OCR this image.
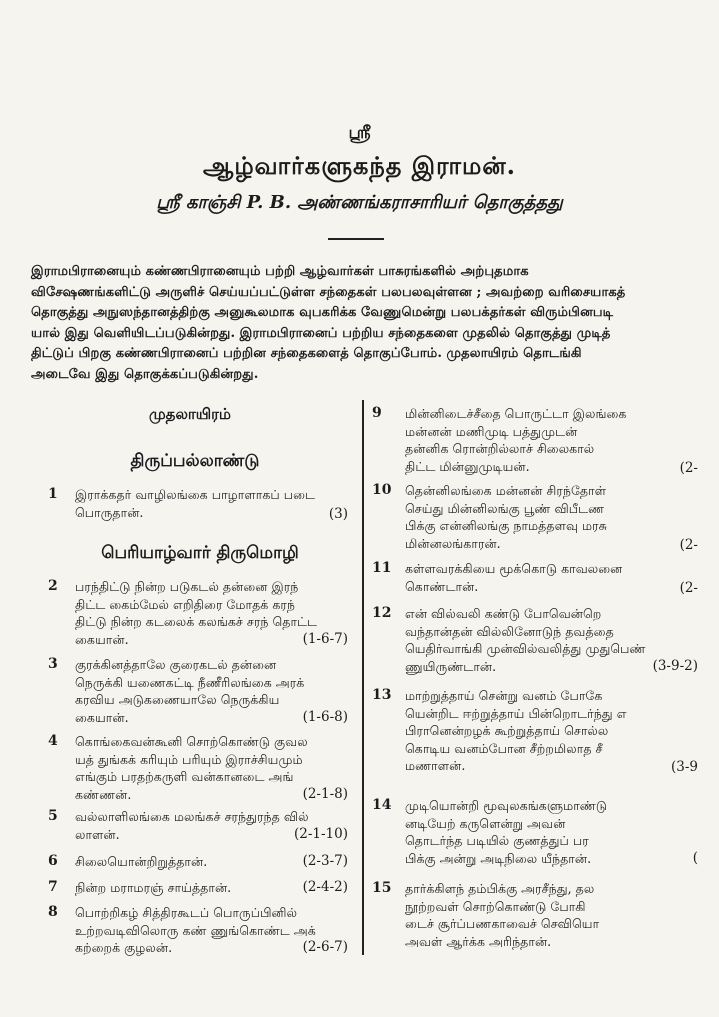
ஸ்ரீ
ஆழ்வார்களுகந்த இராமன்.
ஸ்ரீ காஞ்சி P. B. அண்ணங்கராசாரியர் தொகுத்தது

இராமபிரானையும் கண்ணபிரானையும் பற்றி ஆழ்வார்கள் பாசுரங்களில் அற்புதமாக

விசேஷணங்களிட்டு அருளிச் செய்யப்பட்டுள்ள சந்தைகள் பலபலவுள்ளன ; அவற்றை வரிசையாகத்

தொகுத்து அநுஸந்தானத்திற்கு அனுகூலமாக வுபகரிக்க வேணுமென்று பலபக்தர்கள் விரும்பினபடி

யால் இது வெளியிடப்படுகின்றது. இராமபிரானைப் பற்றிய சந்தைகளை முதலில் தொகுத்து முடித்

திட்டுப் பிறகு கண்ணபிரானைப் பற்றின சந்தைகளைத் தொகுப்போம். முதலாயிரம் தொடங்கி

அடைவே இது தொகுக்கப்படுகின்றது.

முதலாயிரம்
திருப்பல்லாண்டு
பெரியாழ்வார் திருமொழி
1 இராக்கதர் வாழிலங்கை பாழாளாகப் படை
பொருதான்.	(3)
2 பரந்திட்டு நின்ற படுகடல் தன்னை இரந்
திட்ட கைம்மேல் எறிதிரை மோதக் கரந்
திட்டு நின்ற கடலைக் கலங்கச் சரந் தொட்ட
கையான்.	(1-6-7)
3 குரக்கினத்தாலே குரைகடல் தன்னை
நெருக்கி யணைகட்டி நீணீரிலங்கை அரக்
கரவிய அடுகணையாலே நெருக்கிய
கையான்.	(1-6-8)
4 கொங்கைவன்கூனி சொற்கொண்டு குவல
யத் துங்கக் கரியும் பரியும் இராச்சியமும்
எங்கும் பரதற்கருளி வன்கானடை அங்
கண்ணன்.	(2-1-8)
5 வல்லாளிலங்கை மலங்கச் சரந்துரந்த வில்
லாளன்.	(2-1-10)
6 சிலையொன்றிறுத்தான்.	(2-3-7)
7 நின்ற மராமரஞ் சாய்த்தான்.	(2-4-2)
8 பொற்றிகழ் சித்திரகூடப் பொருப்பினில்
உற்றவடிவிலொரு கண் ணுங்கொண்ட அக்
கற்றைக் குழலன்.	(2-6-7)
9 மின்னிடைச்சீதை பொருட்டா இலங்கை
மன்னன் மணிமுடி பத்துமுடன்
தன்னிக ரொன்றில்லாச் சிலைகால்
திட்ட மின்னுமுடியன்.	(2-
10 தென்னிலங்கை மன்னன் சிரந்தோள்
செய்து மின்னிலங்கு பூண் விபீடண
பிக்கு என்னிலங்கு நாமத்தளவு மரசு
மின்னலங்காரன்.	(2-
11 கள்ளவரக்கியை மூக்கொடு காவலனை
கொண்டான்.	(2-
12 என் வில்வலி கண்டு போவென்றெ
வந்தான்தன் வில்லினோடுந் தவத்தை
யெதிர்வாங்கி முன்வில்வலித்து முதுபெண்
ணுயிருண்டான்.	(3-9-2)
13 மாற்றுத்தாய் சென்று வனம் போகே
யென்றிட ஈற்றுத்தாய் பின்றொடர்ந்து எ
பிரானென்றழக் கூற்றுத்தாய் சொல்ல
கொடிய வனம்போன சீற்றமிலாத சீ
மணாளன்.	(3-9
14 முடியொன்றி மூவுலகங்களுமாண்டு
னடியேற் கருளென்று அவன்
தொடர்ந்த படியில் குணத்துப் பர
பிக்கு அன்று அடிநிலை யீந்தான்.	(
15 தார்க்கிளந் தம்பிக்கு அரசீந்து, தல
நூற்றவள் சொற்கொண்டு போகி
டைச் சூர்ப்பணகாவைச் செவியொ
அவள் ஆர்க்க அரிந்தான்.
